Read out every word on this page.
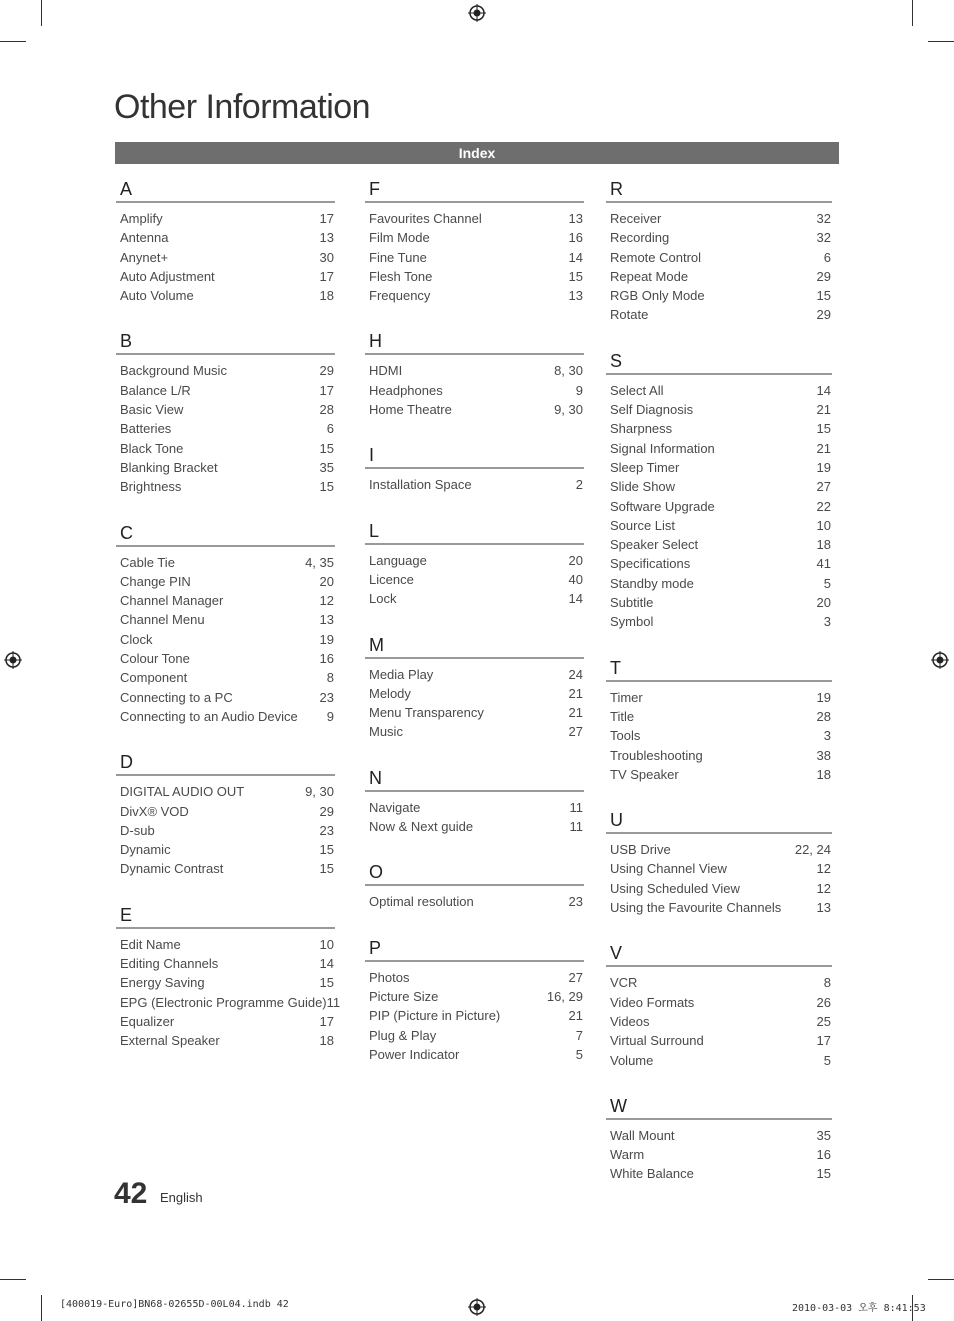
Other Information
Index
A
Amplify	17
Antenna	13
Anynet+	30
Auto Adjustment	17
Auto Volume	18
B
Background Music	29
Balance L/R	17
Basic View	28
Batteries	6
Black Tone	15
Blanking Bracket	35
Brightness	15
C
Cable Tie	4, 35
Change PIN	20
Channel Manager	12
Channel Menu	13
Clock	19
Colour Tone	16
Component	8
Connecting to a PC	23
Connecting to an Audio Device 9
D
DIGITAL AUDIO OUT	9, 30
DivX® VOD	29
D-sub	23
Dynamic	15
Dynamic Contrast	15
E
Edit Name	10
Editing Channels	14
Energy Saving	15
EPG (Electronic Programme Guide) 11
Equalizer	17
External Speaker	18
F
Favourites Channel	13
Film Mode	16
Fine Tune	14
Flesh Tone	15
Frequency	13
H
HDMI	8, 30
Headphones	9
Home Theatre	9, 30
I
Installation Space	2
L
Language	20
Licence	40
Lock	14
M
Media Play	24
Melody	21
Menu Transparency	21
Music	27
N
Navigate	11
Now & Next guide	11
O
Optimal resolution	23
P
Photos	27
Picture Size	16, 29
PIP (Picture in Picture)	21
Plug & Play	7
Power Indicator	5
R
Receiver	32
Recording	32
Remote Control	6
Repeat Mode	29
RGB Only Mode	15
Rotate	29
S
Select All	14
Self Diagnosis	21
Sharpness	15
Signal Information	21
Sleep Timer	19
Slide Show	27
Software Upgrade	22
Source List	10
Speaker Select	18
Specifications	41
Standby mode	5
Subtitle	20
Symbol	3
T
Timer	19
Title	28
Tools	3
Troubleshooting	38
TV Speaker	18
U
USB Drive	22, 24
Using Channel View	12
Using Scheduled View	12
Using the Favourite Channels	13
V
VCR	8
Video Formats	26
Videos	25
Virtual Surround	17
Volume	5
W
Wall Mount	35
Warm	16
White Balance	15
42 English
[400019-Euro]BN68-02655D-00L04.indb 42	2010-03-03 오후 8:41:53
